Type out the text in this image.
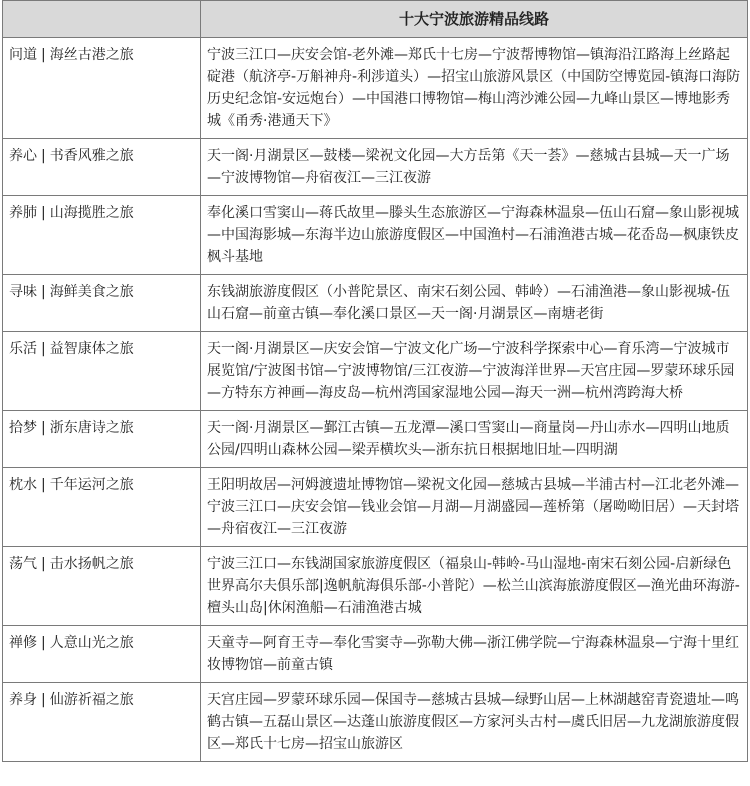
	十大宁波旅游精品线路
问道 | 海丝古港之旅	宁波三江口—庆安会馆-老外滩—郑氏十七房—宁波帮博物馆—镇海沿江路海上丝路起碇港（航济亭-万斛神舟-利涉道头）—招宝山旅游风景区（中国防空博览园-镇海口海防历史纪念馆-安远炮台）—中国港口博物馆—梅山湾沙滩公园—九峰山景区—博地影秀城《甬秀·港通天下》
养心 | 书香风雅之旅	天一阁·月湖景区—鼓楼—梁祝文化园—大方岳第《天一荟》—慈城古县城—天一广场—宁波博物馆—舟宿夜江—三江夜游
养肺 | 山海揽胜之旅	奉化溪口雪窦山—蒋氏故里—滕头生态旅游区—宁海森林温泉—伍山石窟—象山影视城—中国海影城—东海半边山旅游度假区—中国渔村—石浦渔港古城—花岙岛—枫康铁皮枫斗基地
寻味 | 海鲜美食之旅	东钱湖旅游度假区（小普陀景区、南宋石刻公园、韩岭）—石浦渔港—象山影视城-伍山石窟—前童古镇—奉化溪口景区—天一阁·月湖景区—南塘老街
乐活 | 益智康体之旅	天一阁·月湖景区—庆安会馆—宁波文化广场—宁波科学探索中心—育乐湾—宁波城市展览馆/宁波图书馆—宁波博物馆/三江夜游—宁波海洋世界—天宫庄园—罗蒙环球乐园—方特东方神画—海皮岛—杭州湾国家湿地公园—海天一洲—杭州湾跨海大桥
拾梦 | 浙东唐诗之旅	天一阁·月湖景区—鄞江古镇—五龙潭—溪口雪窦山—商量岗—丹山赤水—四明山地质公园/四明山森林公园—梁弄横坎头—浙东抗日根据地旧址—四明湖
枕水 | 千年运河之旅	王阳明故居—河姆渡遗址博物馆—梁祝文化园—慈城古县城—半浦古村—江北老外滩—宁波三江口—庆安会馆—钱业会馆—月湖—月湖盛园—莲桥第（屠呦呦旧居）—天封塔—舟宿夜江—三江夜游
荡气 | 击水扬帆之旅	宁波三江口—东钱湖国家旅游度假区（福泉山-韩岭-马山湿地-南宋石刻公园-启新绿色世界高尔夫俱乐部|逸帆航海俱乐部-小普陀）—松兰山滨海旅游度假区—渔光曲环海游-檀头山岛|休闲渔船—石浦渔港古城
禅修 | 人意山光之旅	天童寺—阿育王寺—奉化雪窦寺—弥勒大佛—浙江佛学院—宁海森林温泉—宁海十里红妆博物馆—前童古镇
养身 | 仙游祈福之旅	天宫庄园—罗蒙环球乐园—保国寺—慈城古县城—绿野山居—上林湖越窑青瓷遗址—鸣鹤古镇—五磊山景区—达蓬山旅游度假区—方家河头古村—虞氏旧居—九龙湖旅游度假区—郑氏十七房—招宝山旅游区
